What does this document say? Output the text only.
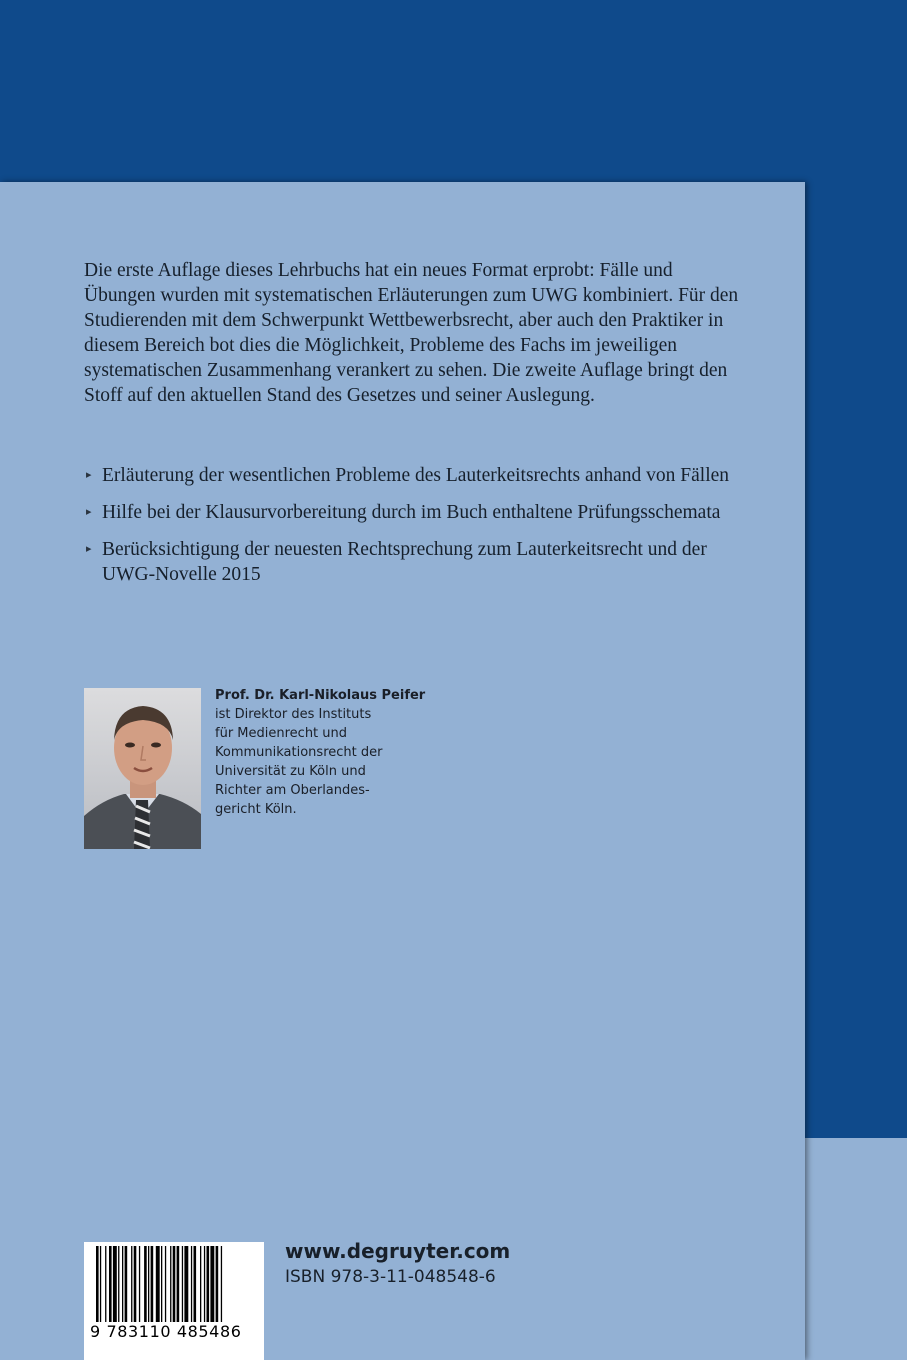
Die erste Auflage dieses Lehrbuchs hat ein neues Format erprobt: Fälle und Übungen wurden mit systematischen Erläuterungen zum UWG kombiniert. Für den Studierenden mit dem Schwerpunkt Wettbewerbsrecht, aber auch den Praktiker in diesem Bereich bot dies die Möglichkeit, Probleme des Fachs im jeweiligen systematischen Zusammenhang verankert zu sehen. Die zweite Auflage bringt den Stoff auf den aktuellen Stand des Gesetzes und seiner Auslegung.

▸ Erläuterung der wesentlichen Probleme des Lauterkeitsrechts anhand von Fällen
▸ Hilfe bei der Klausurvorbereitung durch im Buch enthaltene Prüfungsschemata
▸ Berücksichtigung der neuesten Rechtsprechung zum Lauterkeitsrecht und der UWG-Novelle 2015
Prof. Dr. Karl-Nikolaus Peifer
ist Direktor des Instituts
für Medienrecht und
Kommunikationsrecht der
Universität zu Köln und
Richter am Oberlandes-
gericht Köln.
9 783110 485486
www.degruyter.com
ISBN 978-3-11-048548-6
